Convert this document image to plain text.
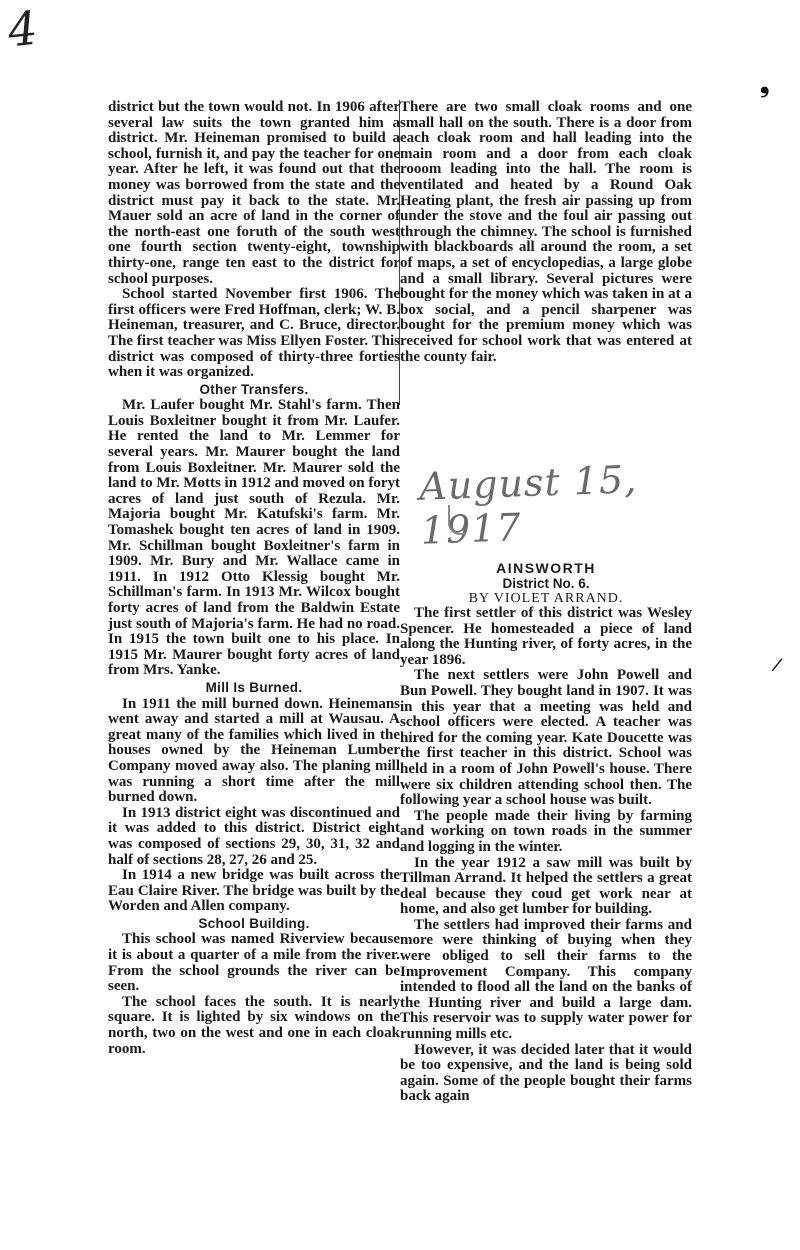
4
❟
/

district but the town would not. In 1906 after several law suits the town granted him a district. Mr. Heineman promised to build a school, furnish it, and pay the teacher for one year. After he left, it was found out that the money was borrowed from the state and the district must pay it back to the state. Mr. Mauer sold an acre of land in the corner of the north-east one foruth of the south west one fourth section twenty-eight, township thirty-one, range ten east to the district for school purposes.

School started November first 1906. The first officers were Fred Hoffman, clerk; W. B. Heineman, treasurer, and C. Bruce, director. The first teacher was Miss Ellyen Foster. This district was composed of thirty-three forties when it was organized.

Other Transfers.

Mr. Laufer bought Mr. Stahl's farm. Then Louis Boxleitner bought it from Mr. Laufer. He rented the land to Mr. Lemmer for several years. Mr. Maurer bought the land from Louis Boxleitner. Mr. Maurer sold the land to Mr. Motts in 1912 and moved on foryt acres of land just south of Rezula. Mr. Majoria bought Mr. Katufski's farm. Mr. Tomashek bought ten acres of land in 1909. Mr. Schillman bought Boxleitner's farm in 1909. Mr. Bury and Mr. Wallace came in 1911. In 1912 Otto Klessig bought Mr. Schillman's farm. In 1913 Mr. Wilcox bought forty acres of land from the Baldwin Estate just south of Majoria's farm. He had no road. In 1915 the town built one to his place. In 1915 Mr. Maurer bought forty acres of land from Mrs. Yanke.

Mill Is Burned.

In 1911 the mill burned down. Heinemans went away and started a mill at Wausau. A great many of the families which lived in the houses owned by the Heineman Lumber Company moved away also. The planing mill was running a short time after the mill burned down.

In 1913 district eight was discontinued and it was added to this district. District eight was composed of sections 29, 30, 31, 32 and half of sections 28, 27, 26 and 25.

In 1914 a new bridge was built across the Eau Claire River. The bridge was built by the Worden and Allen company.

School Building.

This school was named Riverview because it is about a quarter of a mile from the river. From the school grounds the river can be seen.

The school faces the south. It is nearly square. It is lighted by six windows on the north, two on the west and one in each cloak room.

There are two small cloak rooms and one small hall on the south. There is a door from each cloak room and hall leading into the main room and a door from each cloak rooom leading into the hall. The room is ventilated and heated by a Round Oak Heating plant, the fresh air passing up from under the stove and the foul air passing out through the chimney. The school is furnished with blackboards all around the room, a set of maps, a set of encyclopedias, a large globe and a small library. Several pictures were bought for the money which was taken in at a box social, and a pencil sharpener was bought for the premium money which was received for school work that was entered at the county fair.

August 15, 1917
AINSWORTH
District No. 6.
BY VIOLET ARRAND.

The first settler of this district was Wesley Spencer. He homesteaded a piece of land along the Hunting river, of forty acres, in the year 1896.

The next settlers were John Powell and Bun Powell. They bought land in 1907. It was in this year that a meeting was held and school officers were elected. A teacher was hired for the coming year. Kate Doucette was the first teacher in this district. School was held in a room of John Powell's house. There were six children attending school then. The following year a school house was built.

The people made their living by farming and working on town roads in the summer and logging in the winter.

In the year 1912 a saw mill was built by Tillman Arrand. It helped the settlers a great deal because they coud get work near at home, and also get lumber for building.

The settlers had improved their farms and more were thinking of buying when they were obliged to sell their farms to the Improvement Company. This company intended to flood all the land on the banks of the Hunting river and build a large dam. This reservoir was to supply water power for running mills etc.

However, it was decided later that it would be too expensive, and the land is being sold again. Some of the people bought their farms back again
